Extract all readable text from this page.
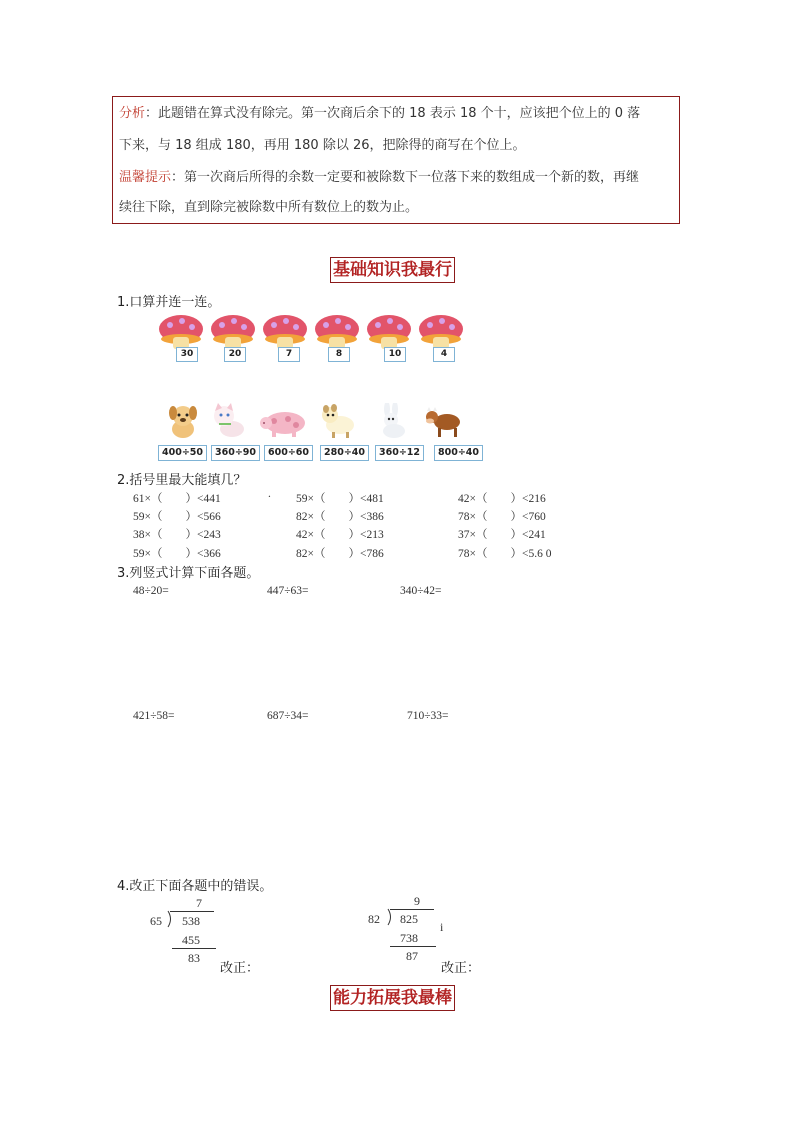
分析：此题错在算式没有除完。第一次商后余下的 18 表示 18 个十，应该把个位上的 0 落

下来，与 18 组成 180，再用 180 除以 26，把除得的商写在个位上。

温馨提示：第一次商后所得的余数一定要和被除数下一位落下来的数组成一个新的数，再继

续往下除，直到除完被除数中所有数位上的数为止。

基础知识我最行
1.口算并连一连。
30	20	7	8	10	4
400÷50	360÷90	600÷60	280÷40	360÷12	800÷40
2.括号里最大能填几？
61×（　　）<441	. 59×（　　）<481	42×（　　）<216
59×（　　）<566	82×（　　）<386	78×（　　）<760
38×（　　）<243	42×（　　）<213	37×（　　）<241
59×（　　）<366	82×（　　）<786	78×（　　）<5.6 0
3.列竖式计算下面各题。
48÷20=	447÷63=	340÷42=
421÷58=	687÷34=	710÷33=
4.改正下面各题中的错误。
7
65 538
455
83
改正：
9
82 825
738
87
i
改正：
能力拓展我最棒
